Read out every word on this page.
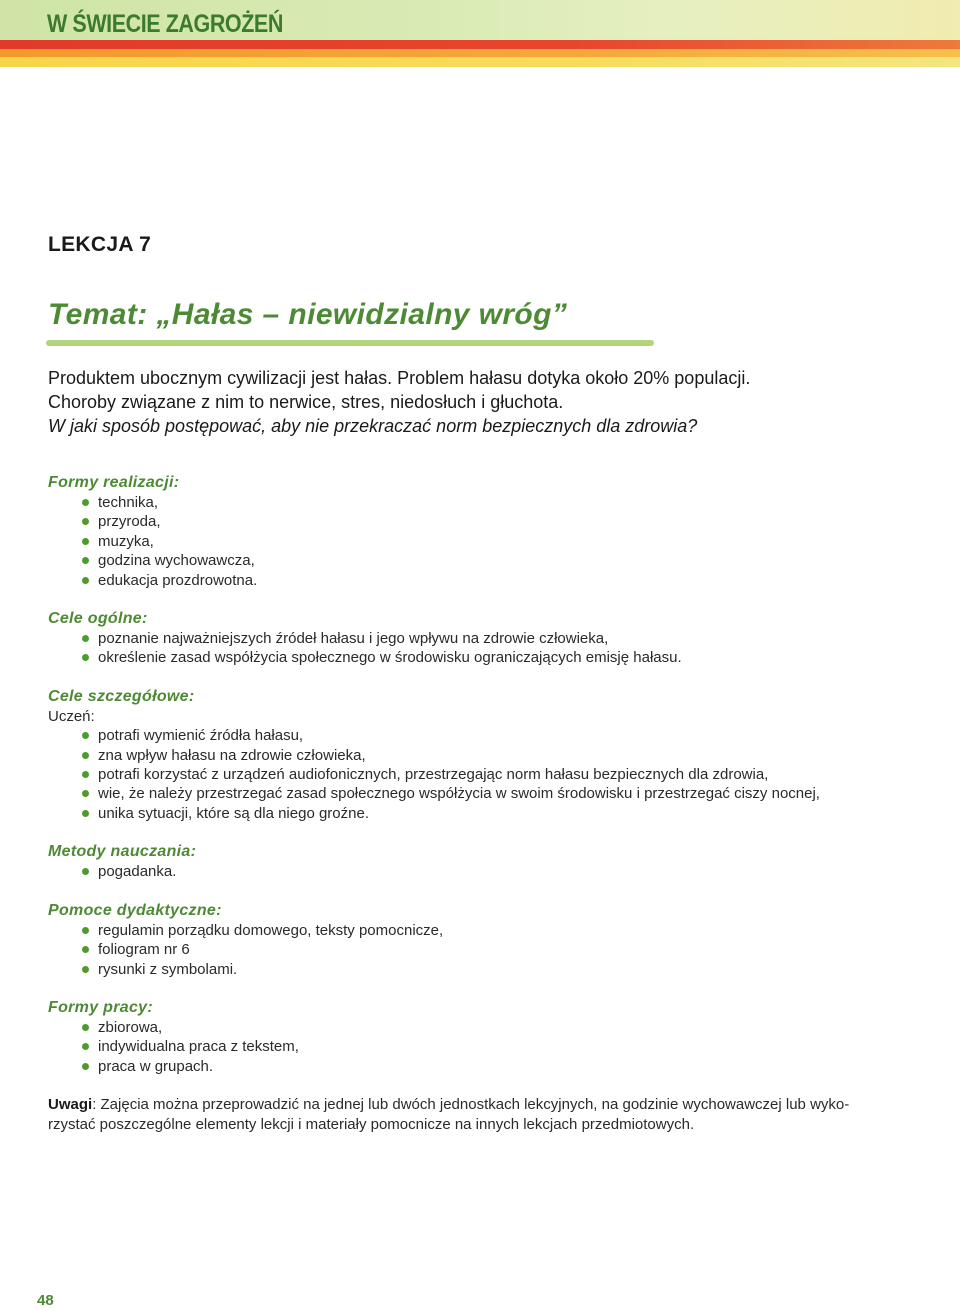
W ŚWIECIE ZAGROŻEŃ
LEKCJA 7
Temat: „Hałas – niewidzialny wróg”
Produktem ubocznym cywilizacji jest hałas. Problem hałasu dotyka około 20% populacji.
Choroby związane z nim to nerwice, stres, niedosłuch i głuchota.
W jaki sposób postępować, aby nie przekraczać norm bezpiecznych dla zdrowia?
Formy realizacji:
technika,
przyroda,
muzyka,
godzina wychowawcza,
edukacja prozdrowotna.
Cele ogólne:
poznanie najważniejszych źródeł hałasu i jego wpływu na zdrowie człowieka,
określenie zasad współżycia społecznego w środowisku ograniczających emisję hałasu.
Cele szczegółowe:
Uczeń:
potrafi wymienić źródła hałasu,
zna wpływ hałasu na zdrowie człowieka,
potrafi korzystać z urządzeń audiofonicznych, przestrzegając norm hałasu bezpiecznych dla zdrowia,
wie, że należy przestrzegać zasad społecznego współżycia w swoim środowisku i przestrzegać ciszy nocnej,
unika sytuacji, które są dla niego groźne.
Metody nauczania:
pogadanka.
Pomoce dydaktyczne:
regulamin porządku domowego, teksty pomocnicze,
foliogram nr 6
rysunki z symbolami.
Formy pracy:
zbiorowa,
indywidualna praca z tekstem,
praca w grupach.
Uwagi: Zajęcia można przeprowadzić na jednej lub dwóch jednostkach lekcyjnych, na godzinie wychowawczej lub wyko-
rzystać poszczególne elementy lekcji i materiały pomocnicze na innych lekcjach przedmiotowych.
48
